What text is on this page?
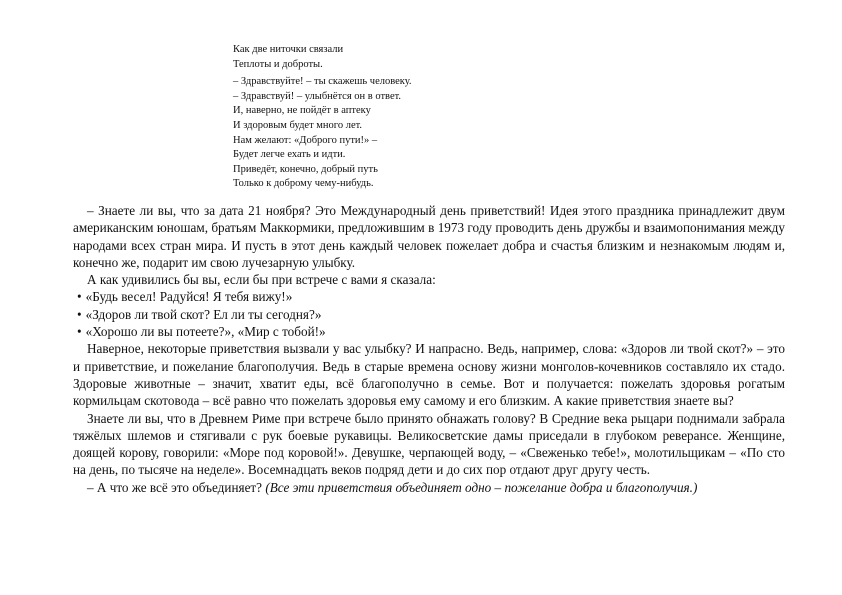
Как две ниточки связали
Теплоты и доброты.
– Здравствуйте! – ты скажешь человеку.
– Здравствуй! – улыбнётся он в ответ.
И, наверно, не пойдёт в аптеку
И здоровым будет много лет.
Нам желают: «Доброго пути!» –
Будет легче ехать и идти.
Приведёт, конечно, добрый путь
Только к доброму чему-нибудь.

– Знаете ли вы, что за дата 21 ноября? Это Международный день приветствий! Идея этого праздника принадлежит двум американским юношам, братьям Маккормики, предложившим в 1973 году проводить день дружбы и взаимопонимания между народами всех стран мира. И пусть в этот день каждый человек пожелает добра и счастья близким и незнакомым людям и, конечно же, подарит им свою лучезарную улыбку.

А как удивились бы вы, если бы при встрече с вами я сказала:

• «Будь весел! Радуйся! Я тебя вижу!»

• «Здоров ли твой скот? Ел ли ты сегодня?»

• «Хорошо ли вы потеете?», «Мир с тобой!»

Наверное, некоторые приветствия вызвали у вас улыбку? И напрасно. Ведь, например, слова: «Здоров ли твой скот?» – это и приветствие, и пожелание благополучия. Ведь в старые времена основу жизни монголов-кочевников составляло их стадо. Здоровые животные – значит, хватит еды, всё благополучно в семье. Вот и получается: пожелать здоровья рогатым кормильцам скотовода – всё равно что пожелать здоровья ему самому и его близким. А какие приветствия знаете вы?

Знаете ли вы, что в Древнем Риме при встрече было принято обнажать голову? В Средние века рыцари поднимали забрала тяжёлых шлемов и стягивали с рук боевые рукавицы. Великосветские дамы приседали в глубоком реверансе. Женщине, доящей корову, говорили: «Море под коровой!». Девушке, черпающей воду, – «Свеженько тебе!», молотильщикам – «По сто на день, по тысяче на неделе». Восемнадцать веков подряд дети и до сих пор отдают друг другу честь.

– А что же всё это объединяет? (Все эти приветствия объединяет одно – пожелание добра и благополучия.)
